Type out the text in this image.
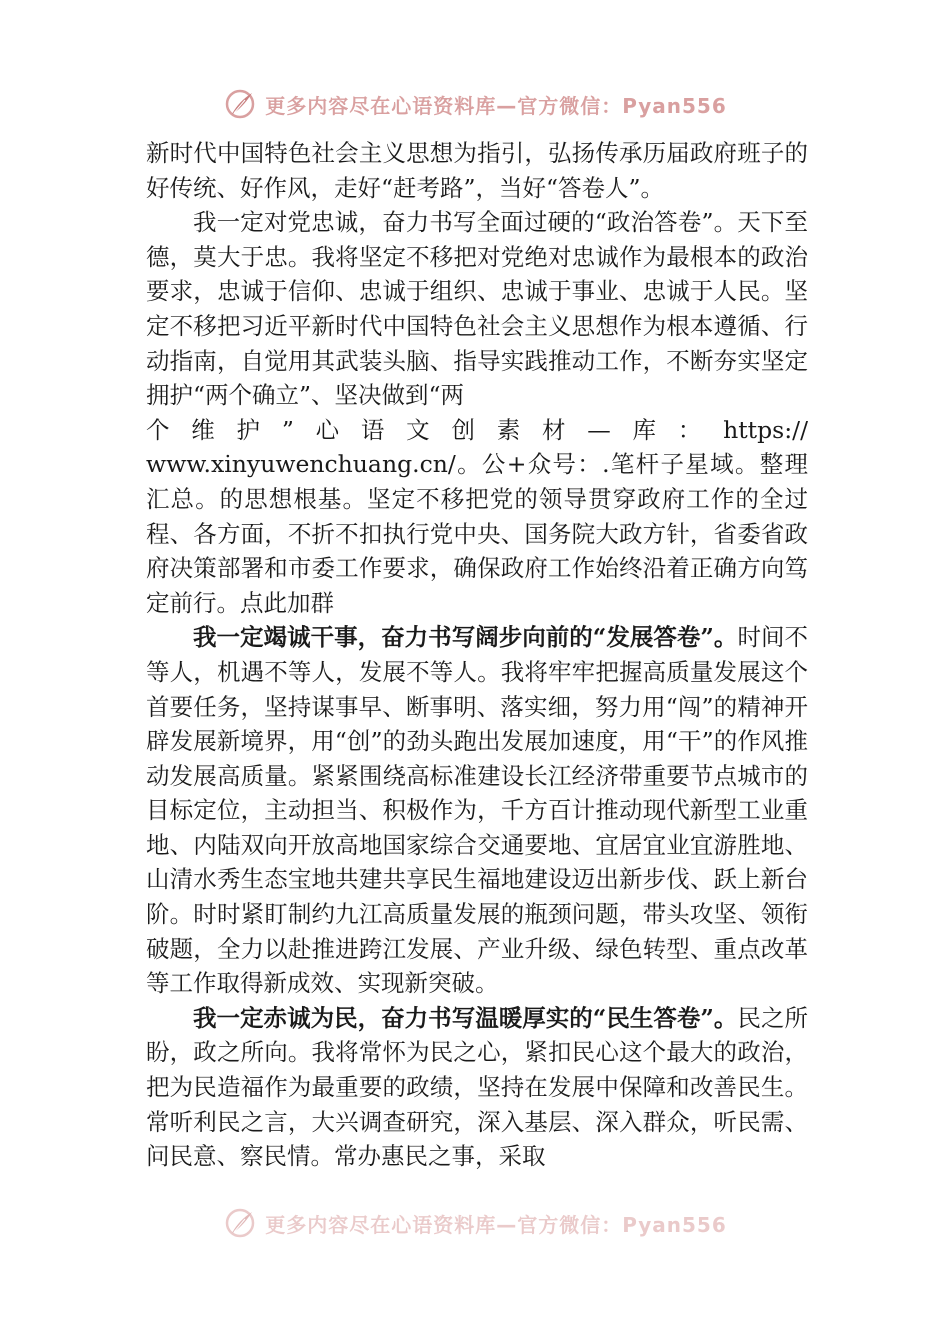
更多内容尽在心语资料库—官方微信：Pyan556

新时代中国特色社会主义思想为指引，弘扬传承历届政府班子的好传统、好作风，走好“赶考路”，当好“答卷人”。

我一定对党忠诚，奋力书写全面过硬的“政治答卷”。天下至德，莫大于忠。我将坚定不移把对党绝对忠诚作为最根本的政治要求，忠诚于信仰、忠诚于组织、忠诚于事业、忠诚于人民。坚定不移把习近平新时代中国特色社会主义思想作为根本遵循、行动指南，自觉用其武装头脑、指导实践推动工作，不断夯实坚定拥护“两个确立”、坚决做到“两

个维护”心语文创素材—库：https://

www.xinyuwenchuang.cn/。公+众号：.笔杆子星域。整理汇总。的思想根基。坚定不移把党的领导贯穿政府工作的全过程、各方面，不折不扣执行党中央、国务院大政方针，省委省政府决策部署和市委工作要求，确保政府工作始终沿着正确方向笃定前行。点此加群

我一定竭诚干事，奋力书写阔步向前的“发展答卷”。时间不等人，机遇不等人，发展不等人。我将牢牢把握高质量发展这个首要任务，坚持谋事早、断事明、落实细，努力用“闯”的精神开辟发展新境界，用“创”的劲头跑出发展加速度，用“干”的作风推动发展高质量。紧紧围绕高标准建设长江经济带重要节点城市的目标定位，主动担当、积极作为，千方百计推动现代新型工业重地、内陆双向开放高地国家综合交通要地、宜居宜业宜游胜地、山清水秀生态宝地共建共享民生福地建设迈出新步伐、跃上新台阶。时时紧盯制约九江高质量发展的瓶颈问题，带头攻坚、领衔破题，全力以赴推进跨江发展、产业升级、绿色转型、重点改革等工作取得新成效、实现新突破。

我一定赤诚为民，奋力书写温暖厚实的“民生答卷”。民之所盼，政之所向。我将常怀为民之心，紧扣民心这个最大的政治，把为民造福作为最重要的政绩，坚持在发展中保障和改善民生。常听利民之言，大兴调查研究，深入基层、深入群众，听民需、问民意、察民情。常办惠民之事，采取

更多内容尽在心语资料库—官方微信：Pyan556
